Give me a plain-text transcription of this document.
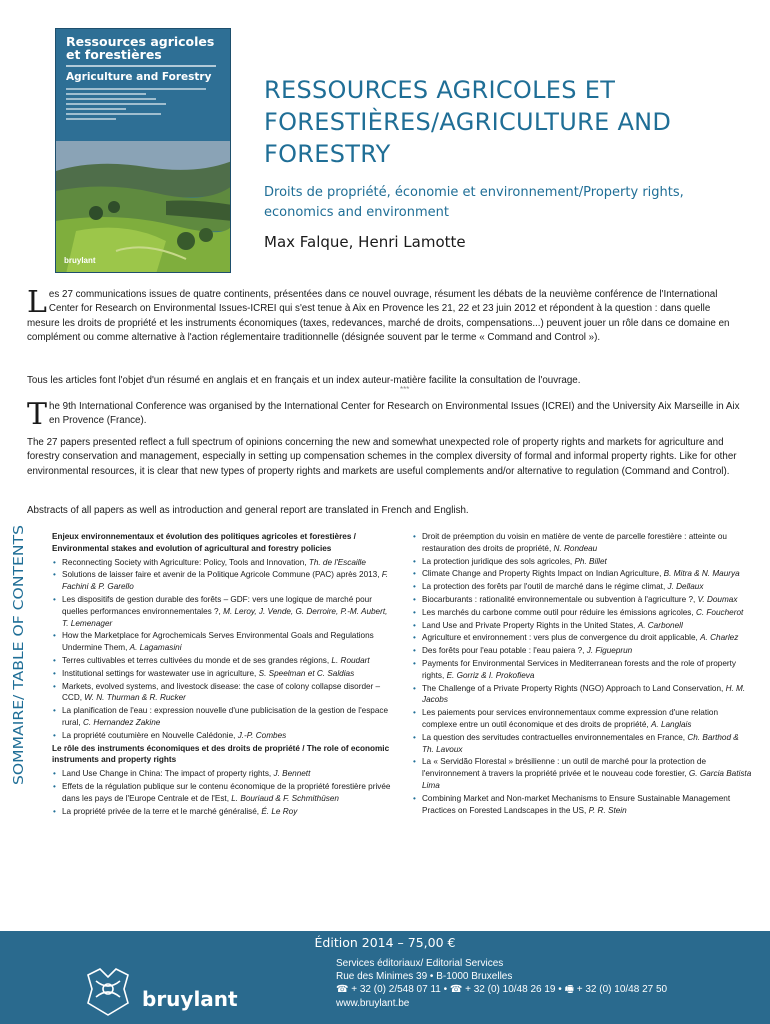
Ressources agricoles
et forestières
Agriculture and Forestry
bruylant
RESSOURCES AGRICOLES ET FORESTIÈRES/AGRICULTURE AND FORESTRY
Droits de propriété, économie et environnement/Property rights, economics and environment
Max Falque, Henri Lamotte
Les 27 communications issues de quatre continents, présentées dans ce nouvel ouvrage, résument les débats de la neuvième conférence de l'International Center for Research on Environmental Issues-ICREI qui s'est tenue à Aix en Provence les 21, 22 et 23 juin 2012 et répondent à la question : dans quelle mesure les droits de propriété et les instruments économiques (taxes, redevances, marché de droits, compensations...) peuvent jouer un rôle dans ce domaine en complément ou comme alternative à l'action réglementaire traditionnelle (désignée souvent par le terme « Command and Control »).
Tous les articles font l'objet d'un résumé en anglais et en français et un index auteur-matière facilite la consultation de l'ouvrage.
***
The 9th International Conference was organised by the International Center for Research on Environmental Issues (ICREI) and the University Aix Marseille in Aix en Provence (France).
The 27 papers presented reflect a full spectrum of opinions concerning the new and somewhat unexpected role of property rights and markets for agriculture and forestry conservation and management, especially in setting up compensation schemes in the complex diversity of formal and informal property rights. Like for other environmental resources, it is clear that new types of property rights and markets are useful complements and/or alternative to regulation (Command and Control).
Abstracts of all papers as well as introduction and general report are translated in French and English.
SOMMAIRE/ TABLE OF CONTENTS
Enjeux environnementaux et évolution des politiques agricoles et forestières / Environmental stakes and evolution of agricultural and forestry policies
• Reconnecting Society with Agriculture: Policy, Tools and Innovation, Th. de l'Escaille
• Solutions de laisser faire et avenir de la Politique Agricole Commune (PAC) après 2013, F. Fachini & P. Garello
• Les dispositifs de gestion durable des forêts – GDF: vers une logique de marché pour quelles performances environnementales ?, M. Leroy, J. Vende, G. Derroire, P.-M. Aubert, T. Lemenager
• How the Marketplace for Agrochemicals Serves Environmental Goals and Regulations Undermine Them, A. Lagamasini
• Terres cultivables et terres cultivées du monde et de ses grandes régions, L. Roudart
• Institutional settings for wastewater use in agriculture, S. Speelman et C. Saldias
• Markets, evolved systems, and livestock disease: the case of colony collapse disorder – CCD, W. N. Thurman & R. Rucker
• La planification de l'eau : expression nouvelle d'une publicisation de la gestion de l'espace rural, C. Hernandez Zakine
• La propriété coutumière en Nouvelle Calédonie, J.-P. Combes
Le rôle des instruments économiques et des droits de propriété / The role of economic instruments and property rights
• Land Use Change in China: The impact of property rights, J. Bennett
• Effets de la régulation publique sur le contenu économique de la propriété forestière privée dans les pays de l'Europe Centrale et de l'Est, L. Bouriaud & F. Schmithüsen
• La propriété privée de la terre et le marché généralisé, É. Le Roy
• Droit de préemption du voisin en matière de vente de parcelle forestière : atteinte ou restauration des droits de propriété, N. Rondeau
• La protection juridique des sols agricoles, Ph. Billet
• Climate Change and Property Rights Impact on Indian Agriculture, B. Mitra & N. Maurya
• La protection des forêts par l'outil de marché dans le régime climat, J. Dellaux
• Biocarburants : rationalité environnementale ou subvention à l'agriculture ?, V. Doumax
• Les marchés du carbone comme outil pour réduire les émissions agricoles, C. Foucherot
• Land Use and Private Property Rights in the United States, A. Carbonell
• Agriculture et environnement : vers plus de convergence du droit applicable, A. Charlez
• Des forêts pour l'eau potable : l'eau paiera ?, J. Figueprun
• Payments for Environmental Services in Mediterranean forests and the role of property rights, E. Gorriz & I. Prokofieva
• The Challenge of a Private Property Rights (NGO) Approach to Land Conservation, H. M. Jacobs
• Les paiements pour services environnementaux comme expression d'une relation complexe entre un outil économique et des droits de propriété, A. Langlais
• La question des servitudes contractuelles environnementales en France, Ch. Barthod & Th. Lavoux
• La « Servidão Florestal » brésilienne : un outil de marché pour la protection de l'environnement à travers la propriété privée et le nouveau code forestier, G. Garcia Batista Lima
• Combining Market and Non-market Mechanisms to Ensure Sustainable Management Practices on Forested Landscapes in the US, P. R. Stein
Édition 2014 – 75,00 €
bruylant
Services éditoriaux/ Editorial Services
Rue des Minimes 39 • B-1000 Bruxelles
☎ + 32 (0) 2/548 07 11 • ☎ + 32 (0) 10/48 26 19 • 🖷 + 32 (0) 10/48 27 50
www.bruylant.be
